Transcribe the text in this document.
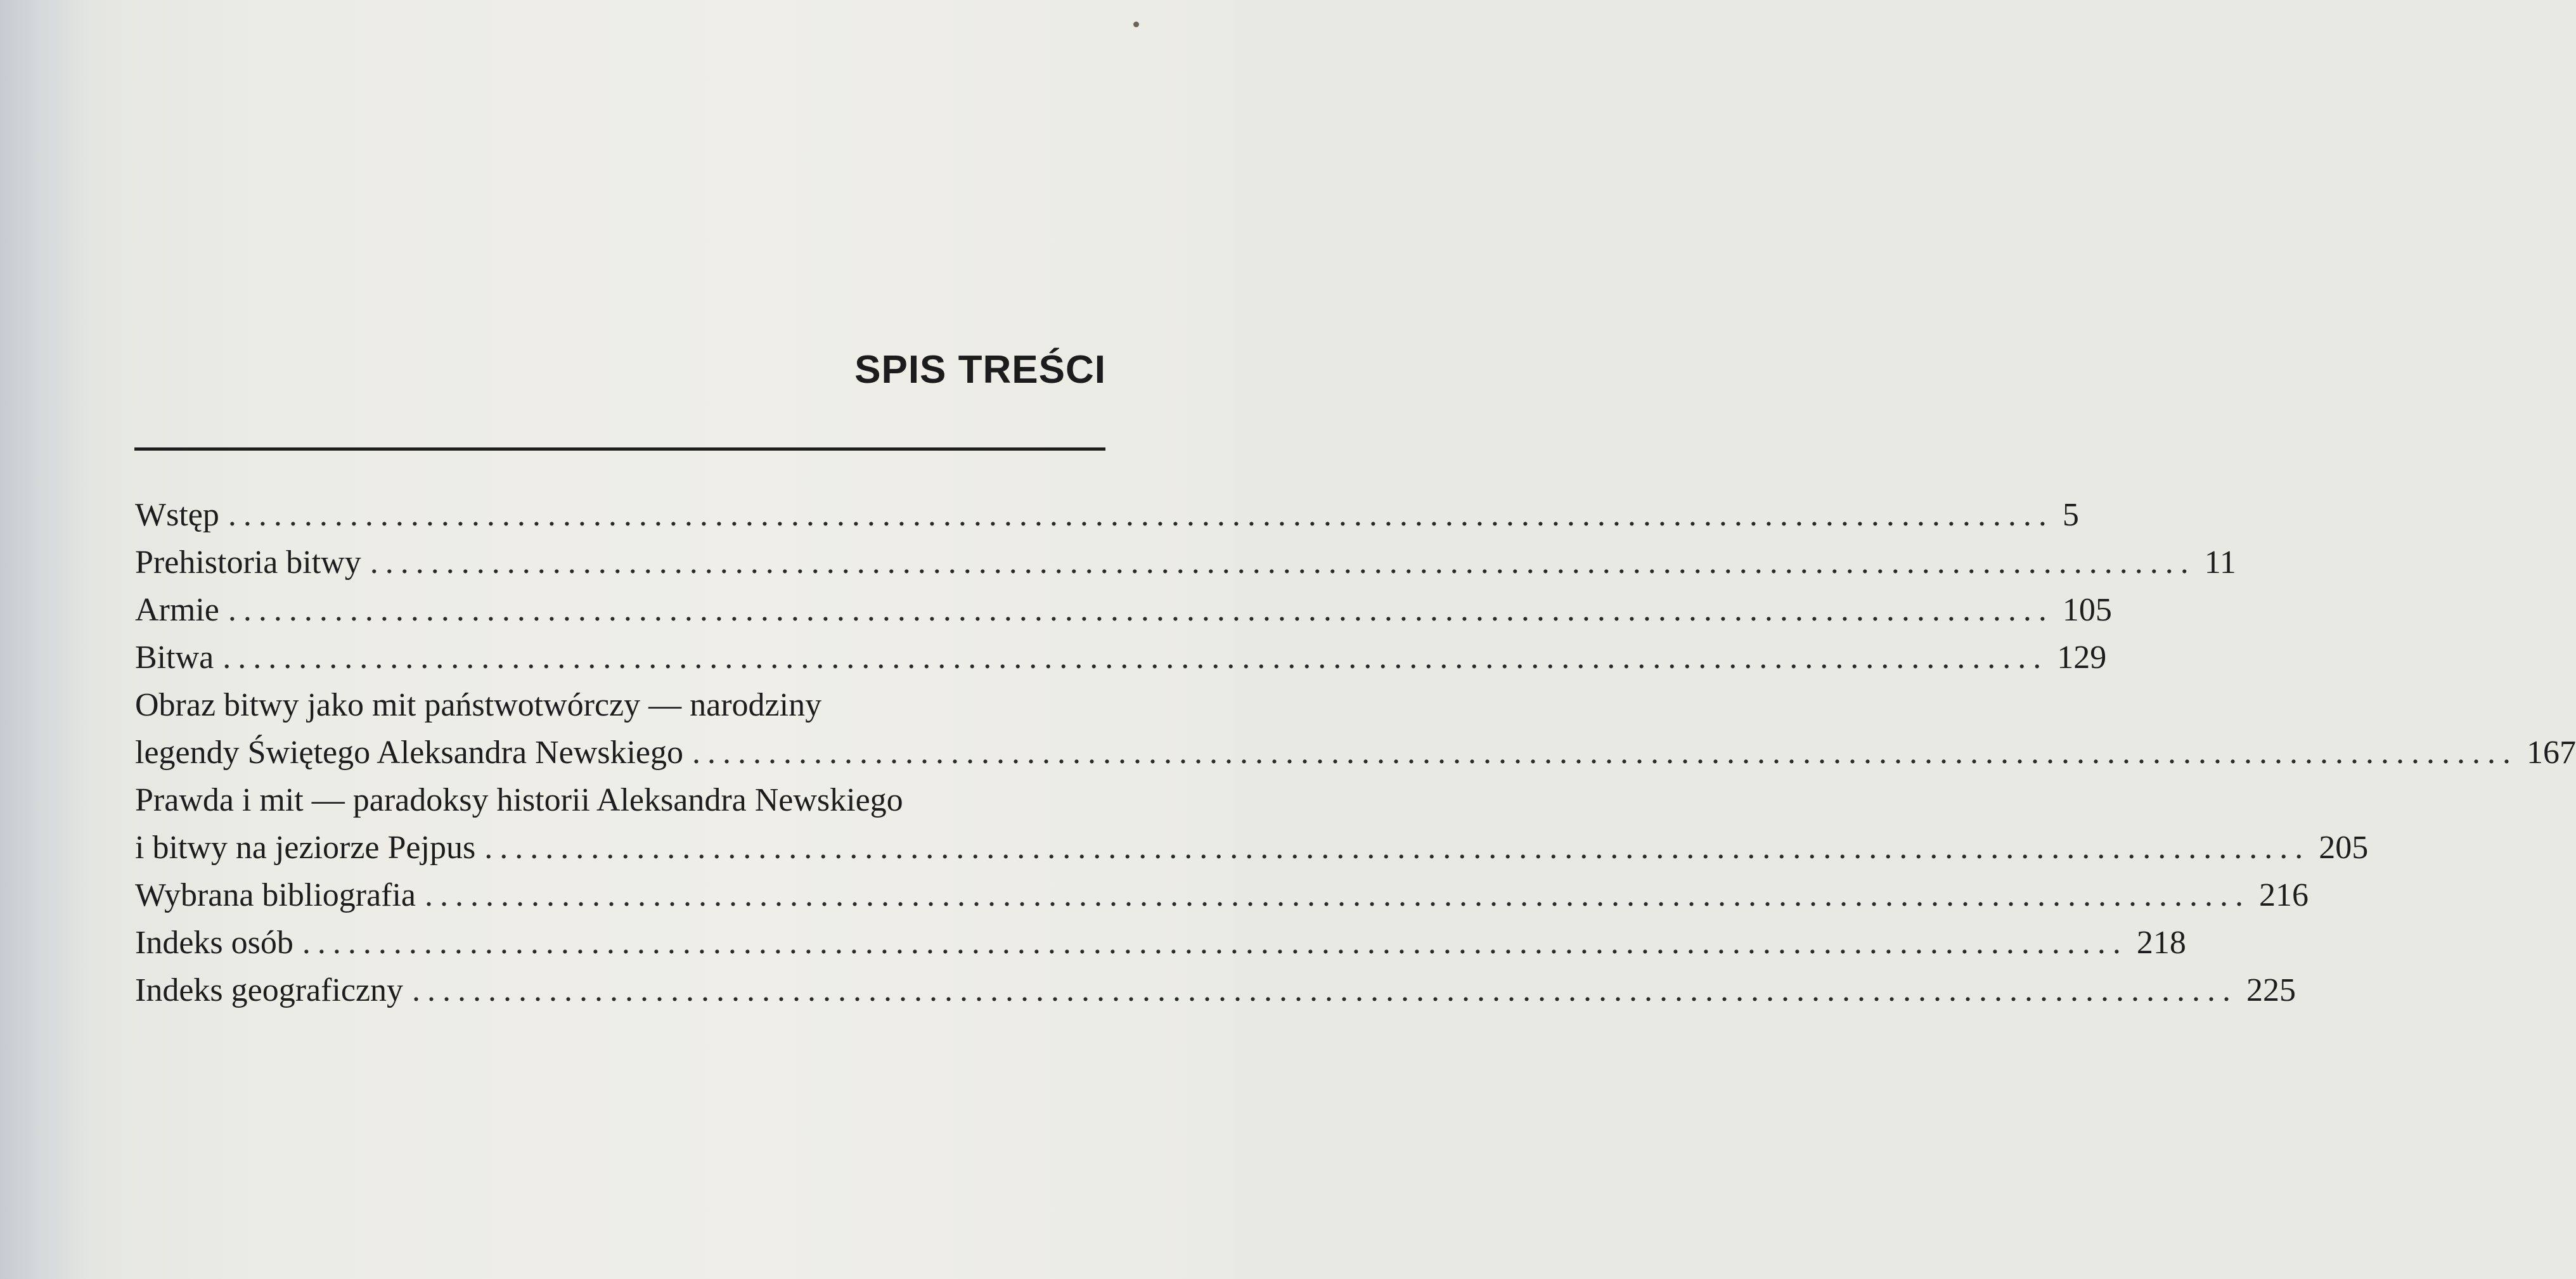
SPIS TREŚCI
Wstęp ........................................................................................................................ 5
Prehistoria bitwy ........................................................................................................................ 11
Armie ........................................................................................................................ 105
Bitwa ........................................................................................................................ 129
Obraz bitwy jako mit państwotwórczy — narodziny
legendy Świętego Aleksandra Newskiego ........................................................................................................................ 167
Prawda i mit — paradoksy historii Aleksandra Newskiego
i bitwy na jeziorze Pejpus ........................................................................................................................ 205
Wybrana bibliografia ........................................................................................................................ 216
Indeks osób ........................................................................................................................ 218
Indeks geograficzny ........................................................................................................................ 225
